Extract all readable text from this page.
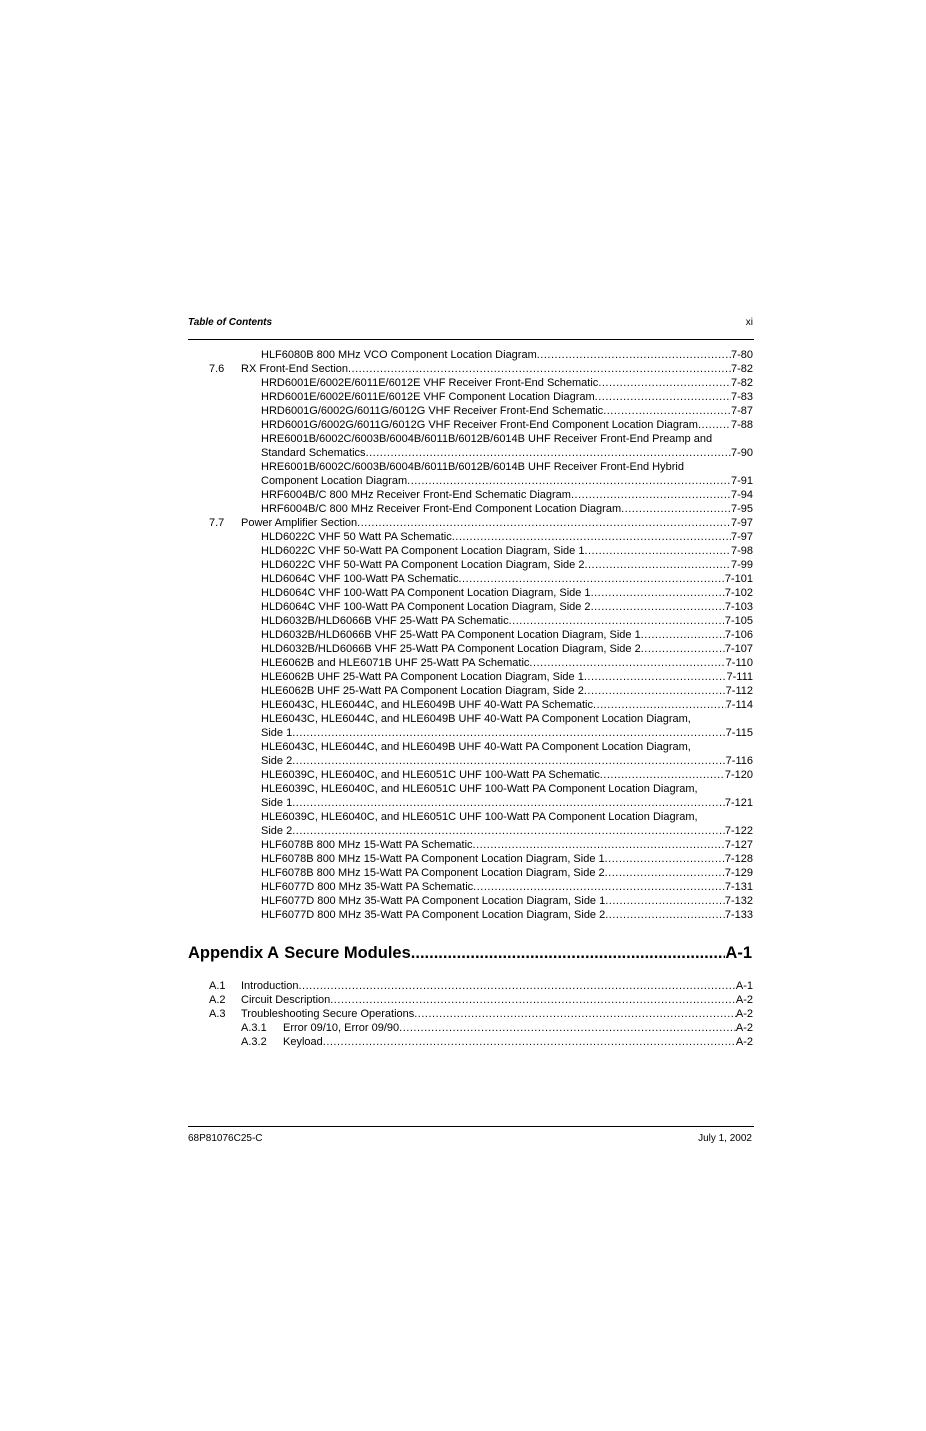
Table of Contents	xi
HLF6080B 800 MHz VCO Component Location Diagram .....	7-80
7.6 RX Front-End Section .....	7-82
HRD6001E/6002E/6011E/6012E VHF Receiver Front-End Schematic .....	7-82
HRD6001E/6002E/6011E/6012E VHF Component Location Diagram .....	7-83
HRD6001G/6002G/6011G/6012G VHF Receiver Front-End Schematic .....	7-87
HRD6001G/6002G/6011G/6012G VHF Receiver Front-End Component Location Diagram .....	7-88
HRE6001B/6002C/6003B/6004B/6011B/6012B/6014B UHF Receiver Front-End Preamp and
Standard Schematics .....	7-90
HRE6001B/6002C/6003B/6004B/6011B/6012B/6014B UHF Receiver Front-End Hybrid
Component Location Diagram .....	7-91
HRF6004B/C 800 MHz Receiver Front-End Schematic Diagram .....	7-94
HRF6004B/C 800 MHz Receiver Front-End Component Location Diagram .....	7-95
7.7 Power Amplifier Section .....	7-97
HLD6022C VHF 50 Watt PA Schematic .....	7-97
HLD6022C VHF 50-Watt PA Component Location Diagram, Side 1 .....	7-98
HLD6022C VHF 50-Watt PA Component Location Diagram, Side 2 .....	7-99
HLD6064C VHF 100-Watt PA Schematic .....	7-101
HLD6064C VHF 100-Watt PA Component Location Diagram, Side 1 .....	7-102
HLD6064C VHF 100-Watt PA Component Location Diagram, Side 2 .....	7-103
HLD6032B/HLD6066B VHF 25-Watt PA Schematic .....	7-105
HLD6032B/HLD6066B VHF 25-Watt PA Component Location Diagram, Side 1 .....	7-106
HLD6032B/HLD6066B VHF 25-Watt PA Component Location Diagram, Side 2 .....	7-107
HLE6062B and HLE6071B UHF 25-Watt PA Schematic .....	7-110
HLE6062B UHF 25-Watt PA Component Location Diagram, Side 1 .....	7-111
HLE6062B UHF 25-Watt PA Component Location Diagram, Side 2 .....	7-112
HLE6043C, HLE6044C, and HLE6049B UHF 40-Watt PA Schematic .....	7-114
HLE6043C, HLE6044C, and HLE6049B UHF 40-Watt PA Component Location Diagram,
Side 1 .....	7-115
HLE6043C, HLE6044C, and HLE6049B UHF 40-Watt PA Component Location Diagram,
Side 2 .....	7-116
HLE6039C, HLE6040C, and HLE6051C UHF 100-Watt PA Schematic .....	7-120
HLE6039C, HLE6040C, and HLE6051C UHF 100-Watt PA Component Location Diagram,
Side 1 .....	7-121
HLE6039C, HLE6040C, and HLE6051C UHF 100-Watt PA Component Location Diagram,
Side 2 .....	7-122
HLF6078B 800 MHz 15-Watt PA Schematic .....	7-127
HLF6078B 800 MHz 15-Watt PA Component Location Diagram, Side 1 .....	7-128
HLF6078B 800 MHz 15-Watt PA Component Location Diagram, Side 2 .....	7-129
HLF6077D 800 MHz 35-Watt PA Schematic .....	7-131
HLF6077D 800 MHz 35-Watt PA Component Location Diagram, Side 1 .....	7-132
HLF6077D 800 MHz 35-Watt PA Component Location Diagram, Side 2 .....	7-133
Appendix A Secure Modules .....	A-1
A.1 Introduction .....	A-1
A.2 Circuit Description .....	A-2
A.3 Troubleshooting Secure Operations .....	A-2
A.3.1 Error 09/10, Error 09/90 .....	A-2
A.3.2 Keyload .....	A-2
68P81076C25-C	July 1, 2002
